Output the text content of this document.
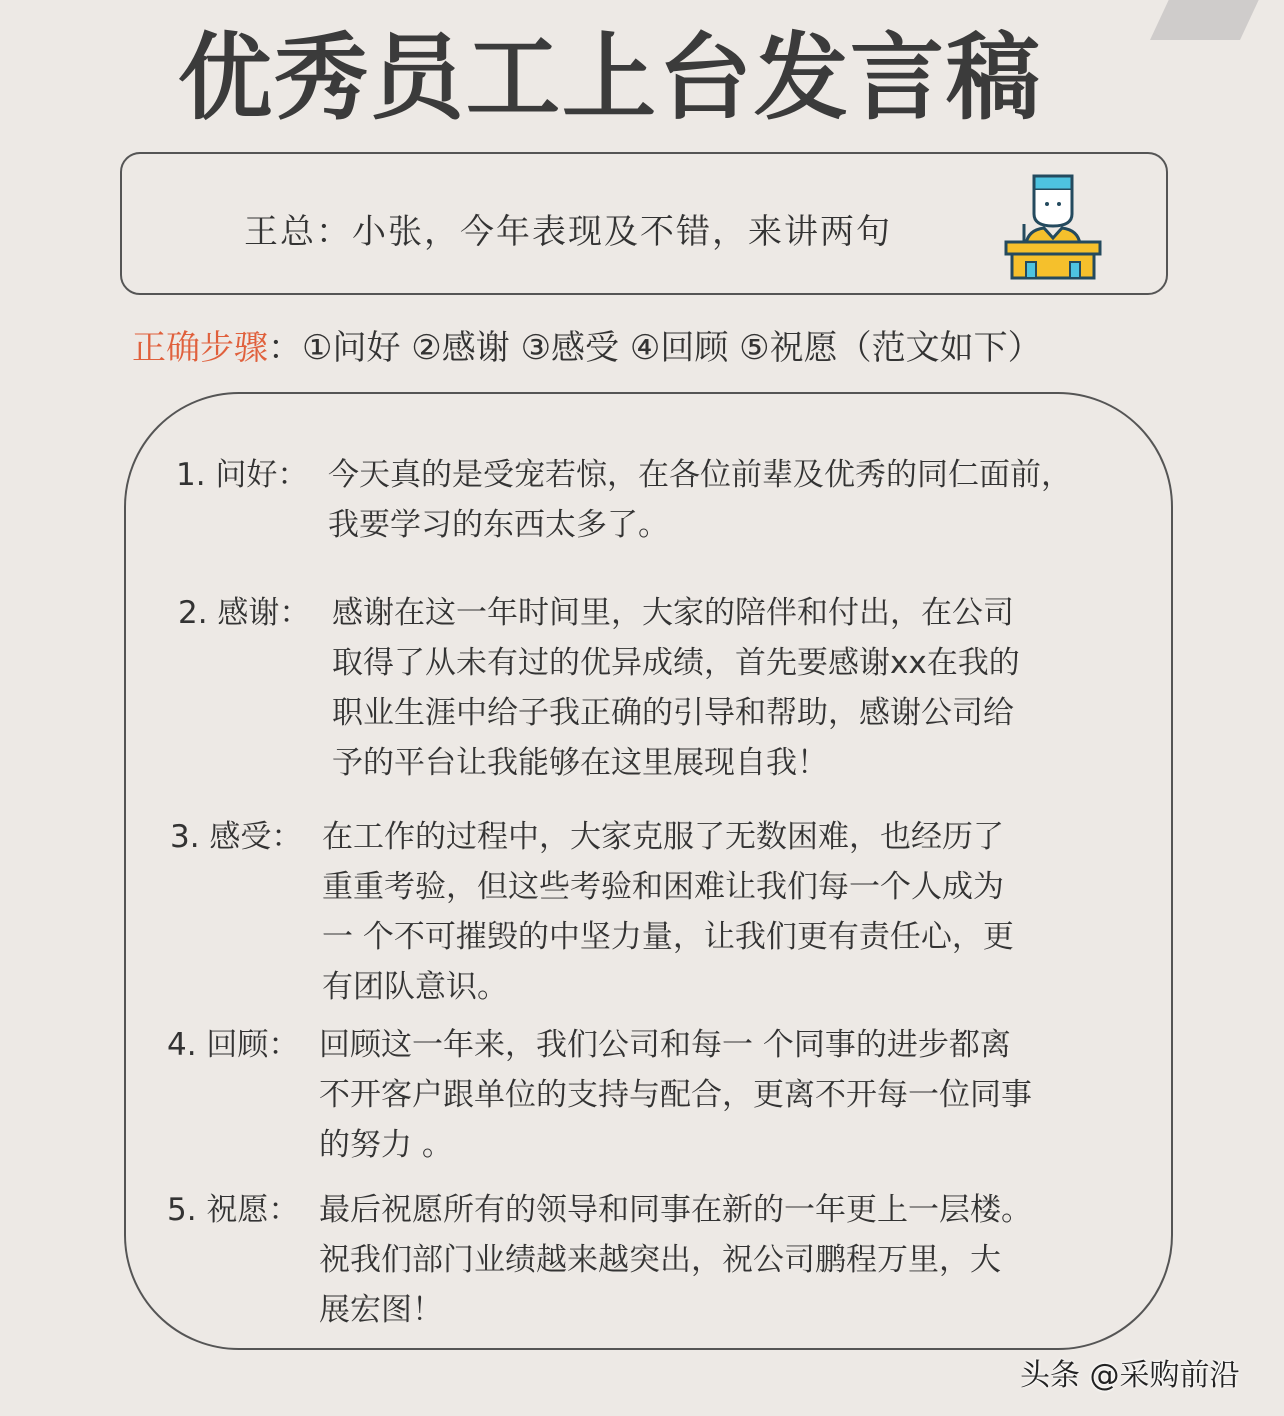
优秀员工上台发言稿
王总：小张，今年表现及不错，来讲两句
正确步骤：①问好 ②感谢 ③感受 ④回顾 ⑤祝愿（范文如下）
1. 问好： 今天真的是受宠若惊，在各位前辈及优秀的同仁面前，
我要学习的东西太多了。
2. 感谢： 感谢在这一年时间里，大家的陪伴和付出，在公司
取得了从未有过的优异成绩，首先要感谢xx在我的
职业生涯中给子我正确的引导和帮助，感谢公司给
予的平台让我能够在这里展现自我！
3. 感受： 在工作的过程中，大家克服了无数困难，也经历了
重重考验，但这些考验和困难让我们每一个人成为
一 个不可摧毁的中坚力量，让我们更有责任心，更
有团队意识。
4. 回顾： 回顾这一年来，我们公司和每一 个同事的进步都离
不开客户跟单位的支持与配合，更离不开每一位同事
的努力 。
5. 祝愿： 最后祝愿所有的领导和同事在新的一年更上一层楼。
祝我们部门业绩越来越突出，祝公司鹏程万里，大
展宏图！
头条 @采购前沿
